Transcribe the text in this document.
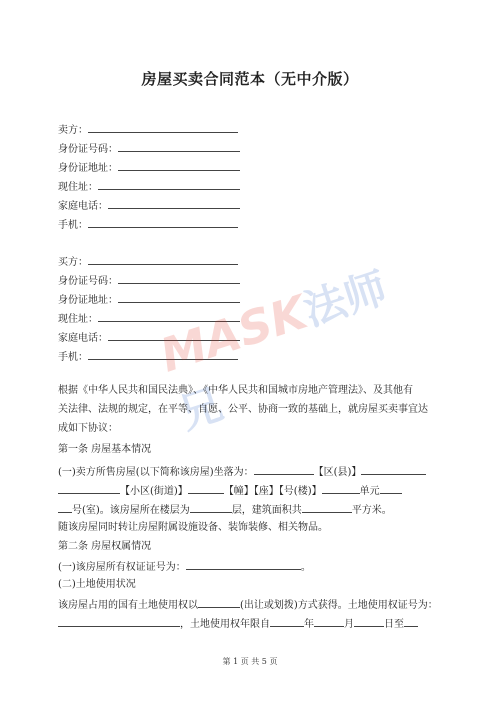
房屋买卖合同范本（无中介版）
卖方：
身份证号码：
身份证地址：
现住址：
家庭电话：
手机：
买方：
身份证号码：
身份证地址：
现住址：
家庭电话：
手机：	MASK法师兄
根据《中华人民共和国民法典》、《中华人民共和国城市房地产管理法》、及其他有
关法律、法规的规定，在平等、自愿、公平、协商一致的基础上，就房屋买卖事宜达
成如下协议：
第一条 房屋基本情况
(一)卖方所售房屋(以下简称该房屋)坐落为：	【区(县)】
【小区(街道)】	【幢】【座】【号(楼)】	单元
号(室)。该房屋所在楼层为	层，建筑面积共	平方米。
随该房屋同时转让房屋附属设施设备、装饰装修、相关物品。
第二条 房屋权属情况
(一)该房屋所有权证证号为：	。
(二)土地使用状况
该房屋占用的国有土地使用权以	(出让或划拨)方式获得。土地使用权证号为：
，土地使用权年限自	年	月	日至
第 1 页 共 5 页
